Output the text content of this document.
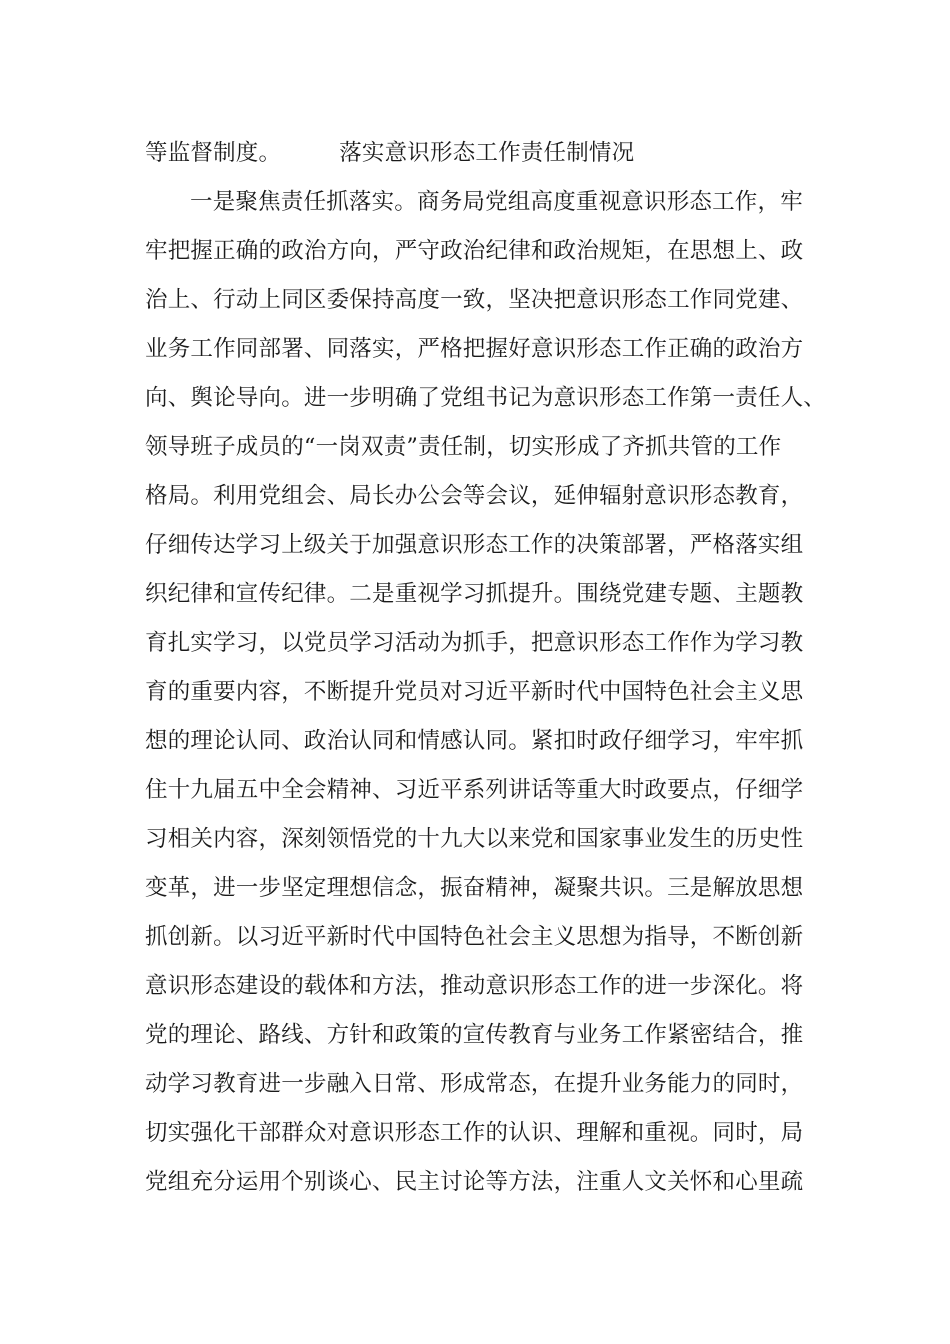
等监督制度。	落实意识形态工作责任制情况
一是聚焦责任抓落实。商务局党组高度重视意识形态工作，牢
牢把握正确的政治方向，严守政治纪律和政治规矩，在思想上、政
治上、行动上同区委保持高度一致，坚决把意识形态工作同党建、
业务工作同部署、同落实，严格把握好意识形态工作正确的政治方
向、舆论导向。进一步明确了党组书记为意识形态工作第一责任人、
领导班子成员的“一岗双责”责任制，切实形成了齐抓共管的工作
格局。利用党组会、局长办公会等会议，延伸辐射意识形态教育，
仔细传达学习上级关于加强意识形态工作的决策部署，严格落实组
织纪律和宣传纪律。二是重视学习抓提升。围绕党建专题、主题教
育扎实学习，以党员学习活动为抓手，把意识形态工作作为学习教
育的重要内容，不断提升党员对习近平新时代中国特色社会主义思
想的理论认同、政治认同和情感认同。紧扣时政仔细学习，牢牢抓
住十九届五中全会精神、习近平系列讲话等重大时政要点，仔细学
习相关内容，深刻领悟党的十九大以来党和国家事业发生的历史性
变革，进一步坚定理想信念，振奋精神，凝聚共识。三是解放思想
抓创新。以习近平新时代中国特色社会主义思想为指导，不断创新
意识形态建设的载体和方法，推动意识形态工作的进一步深化。将
党的理论、路线、方针和政策的宣传教育与业务工作紧密结合，推
动学习教育进一步融入日常、形成常态，在提升业务能力的同时，
切实强化干部群众对意识形态工作的认识、理解和重视。同时，局
党组充分运用个别谈心、民主讨论等方法，注重人文关怀和心里疏
